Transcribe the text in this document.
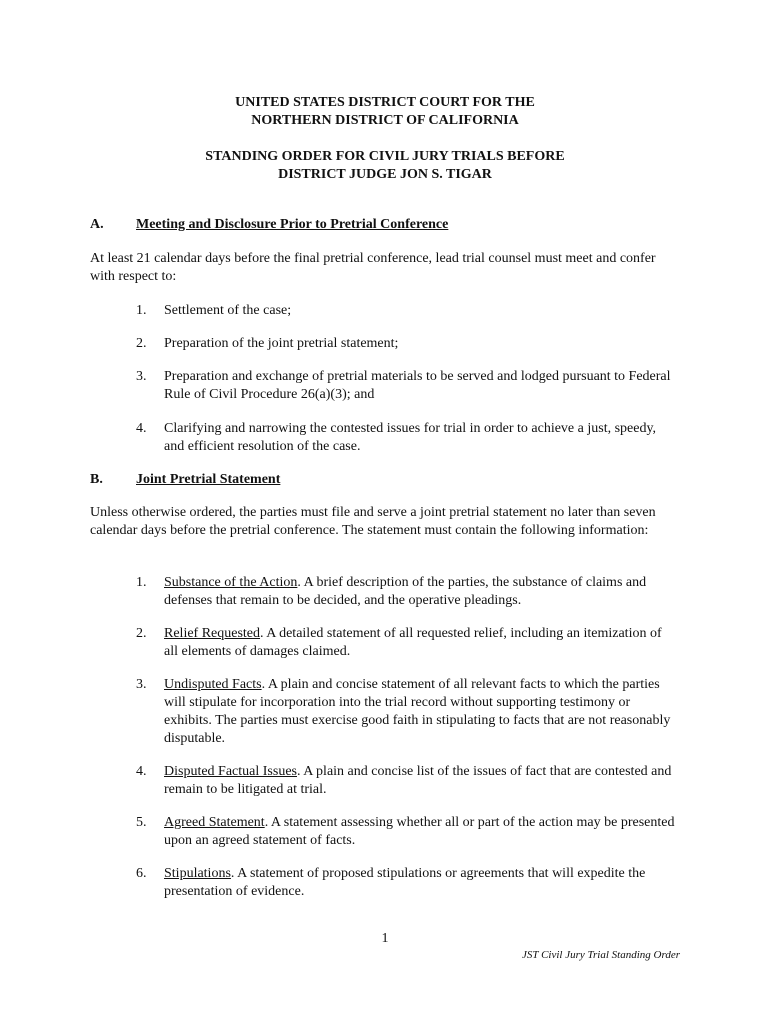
UNITED STATES DISTRICT COURT FOR THE
NORTHERN DISTRICT OF CALIFORNIA
STANDING ORDER FOR CIVIL JURY TRIALS BEFORE
DISTRICT JUDGE JON S. TIGAR
A. Meeting and Disclosure Prior to Pretrial Conference
At least 21 calendar days before the final pretrial conference, lead trial counsel must meet and confer with respect to:
1. Settlement of the case;
2. Preparation of the joint pretrial statement;
3. Preparation and exchange of pretrial materials to be served and lodged pursuant to Federal Rule of Civil Procedure 26(a)(3); and
4. Clarifying and narrowing the contested issues for trial in order to achieve a just, speedy, and efficient resolution of the case.
B. Joint Pretrial Statement
Unless otherwise ordered, the parties must file and serve a joint pretrial statement no later than seven calendar days before the pretrial conference. The statement must contain the following information:
1. Substance of the Action. A brief description of the parties, the substance of claims and defenses that remain to be decided, and the operative pleadings.
2. Relief Requested. A detailed statement of all requested relief, including an itemization of all elements of damages claimed.
3. Undisputed Facts. A plain and concise statement of all relevant facts to which the parties will stipulate for incorporation into the trial record without supporting testimony or exhibits. The parties must exercise good faith in stipulating to facts that are not reasonably disputable.
4. Disputed Factual Issues. A plain and concise list of the issues of fact that are contested and remain to be litigated at trial.
5. Agreed Statement. A statement assessing whether all or part of the action may be presented upon an agreed statement of facts.
6. Stipulations. A statement of proposed stipulations or agreements that will expedite the presentation of evidence.
1
JST Civil Jury Trial Standing Order
